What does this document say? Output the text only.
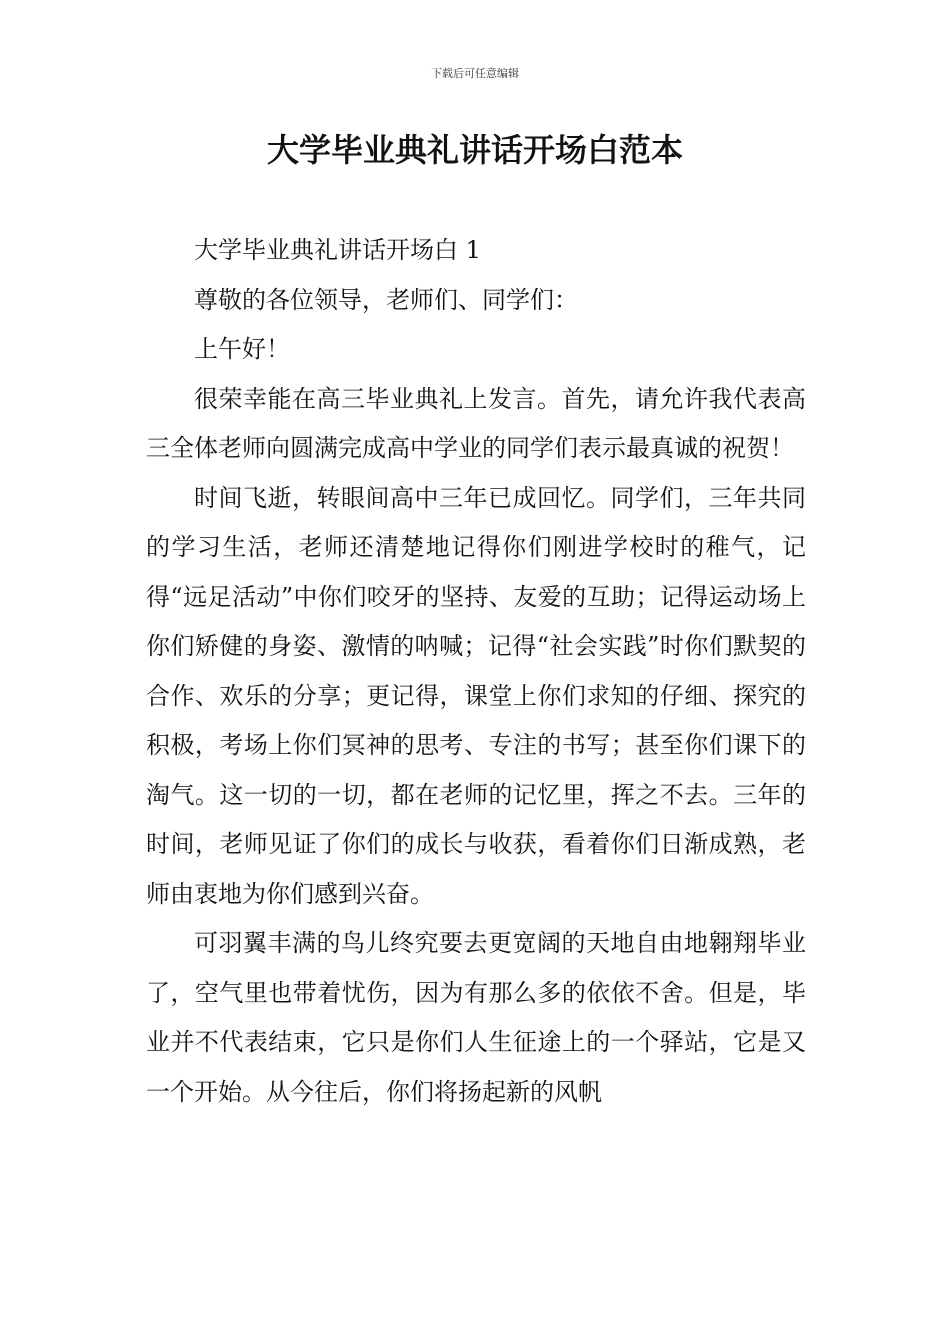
下载后可任意编辑
大学毕业典礼讲话开场白范本

大学毕业典礼讲话开场白 1

尊敬的各位领导，老师们、同学们：

上午好！

很荣幸能在高三毕业典礼上发言。首先，请允许我代表高三全体老师向圆满完成高中学业的同学们表示最真诚的祝贺！

时间飞逝，转眼间高中三年已成回忆。同学们，三年共同的学习生活，老师还清楚地记得你们刚进学校时的稚气，记得“远足活动”中你们咬牙的坚持、友爱的互助；记得运动场上你们矫健的身姿、激情的呐喊；记得“社会实践”时你们默契的合作、欢乐的分享；更记得，课堂上你们求知的仔细、探究的积极，考场上你们冥神的思考、专注的书写；甚至你们课下的淘气。这一切的一切，都在老师的记忆里，挥之不去。三年的时间，老师见证了你们的成长与收获，看着你们日渐成熟，老师由衷地为你们感到兴奋。

可羽翼丰满的鸟儿终究要去更宽阔的天地自由地翱翔毕业了，空气里也带着忧伤，因为有那么多的依依不舍。但是，毕业并不代表结束，它只是你们人生征途上的一个驿站，它是又一个开始。从今往后，你们将扬起新的风帆
